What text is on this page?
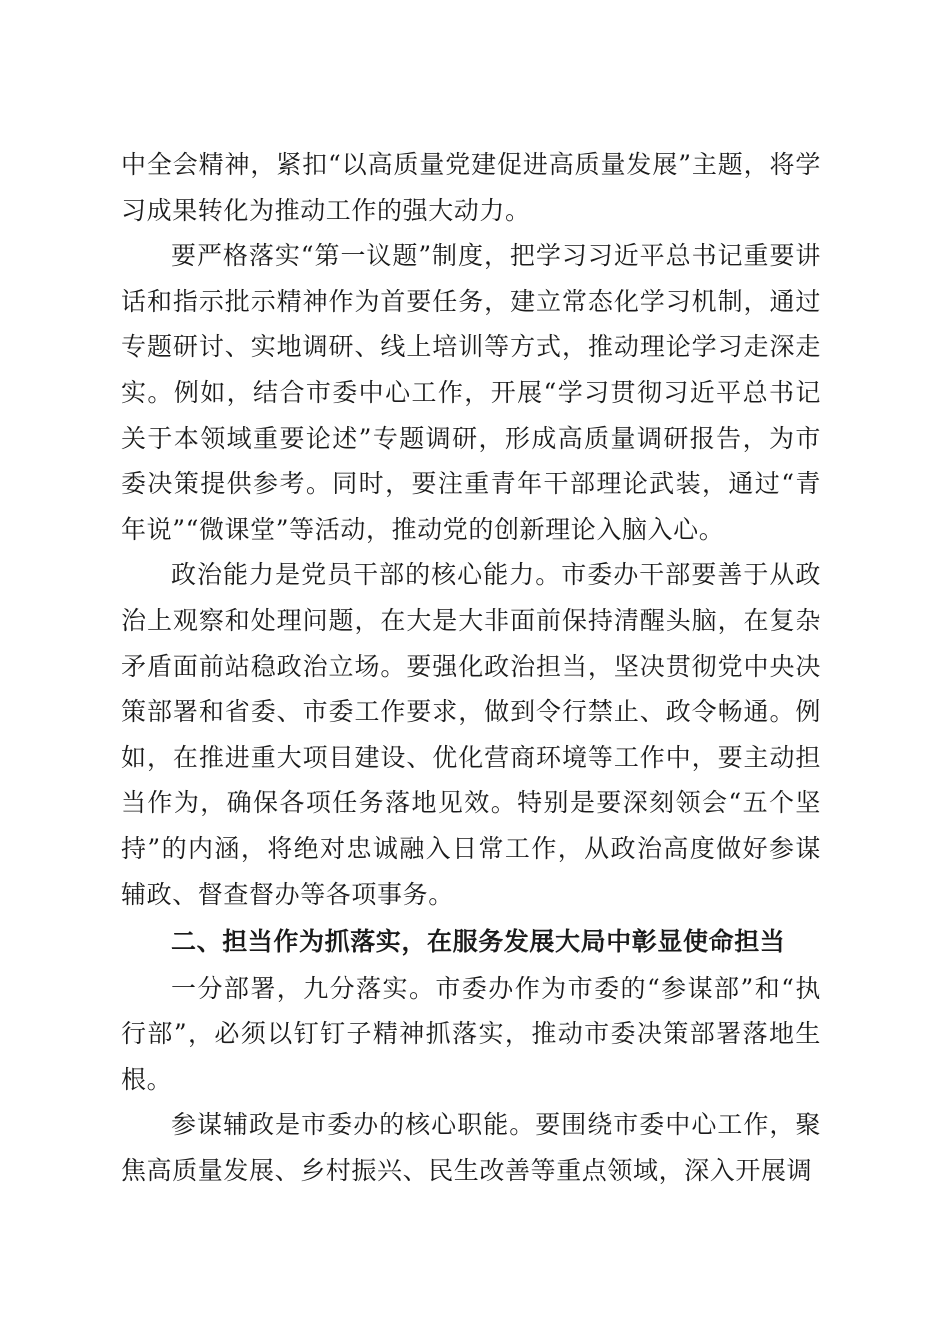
中全会精神，紧扣“以高质量党建促进高质量发展”主题，将学习成果转化为推动工作的强大动力。

要严格落实“第一议题”制度，把学习习近平总书记重要讲话和指示批示精神作为首要任务，建立常态化学习机制，通过专题研讨、实地调研、线上培训等方式，推动理论学习走深走实。例如，结合市委中心工作，开展“学习贯彻习近平总书记关于本领域重要论述”专题调研，形成高质量调研报告，为市委决策提供参考。同时，要注重青年干部理论武装，通过“青年说”“微课堂”等活动，推动党的创新理论入脑入心。

政治能力是党员干部的核心能力。市委办干部要善于从政治上观察和处理问题，在大是大非面前保持清醒头脑，在复杂矛盾面前站稳政治立场。要强化政治担当，坚决贯彻党中央决策部署和省委、市委工作要求，做到令行禁止、政令畅通。例如，在推进重大项目建设、优化营商环境等工作中，要主动担当作为，确保各项任务落地见效。特别是要深刻领会“五个坚持”的内涵，将绝对忠诚融入日常工作，从政治高度做好参谋辅政、督查督办等各项事务。

二、担当作为抓落实，在服务发展大局中彰显使命担当

一分部署，九分落实。市委办作为市委的“参谋部”和“执行部”，必须以钉钉子精神抓落实，推动市委决策部署落地生根。

参谋辅政是市委办的核心职能。要围绕市委中心工作，聚焦高质量发展、乡村振兴、民生改善等重点领域，深入开展调
